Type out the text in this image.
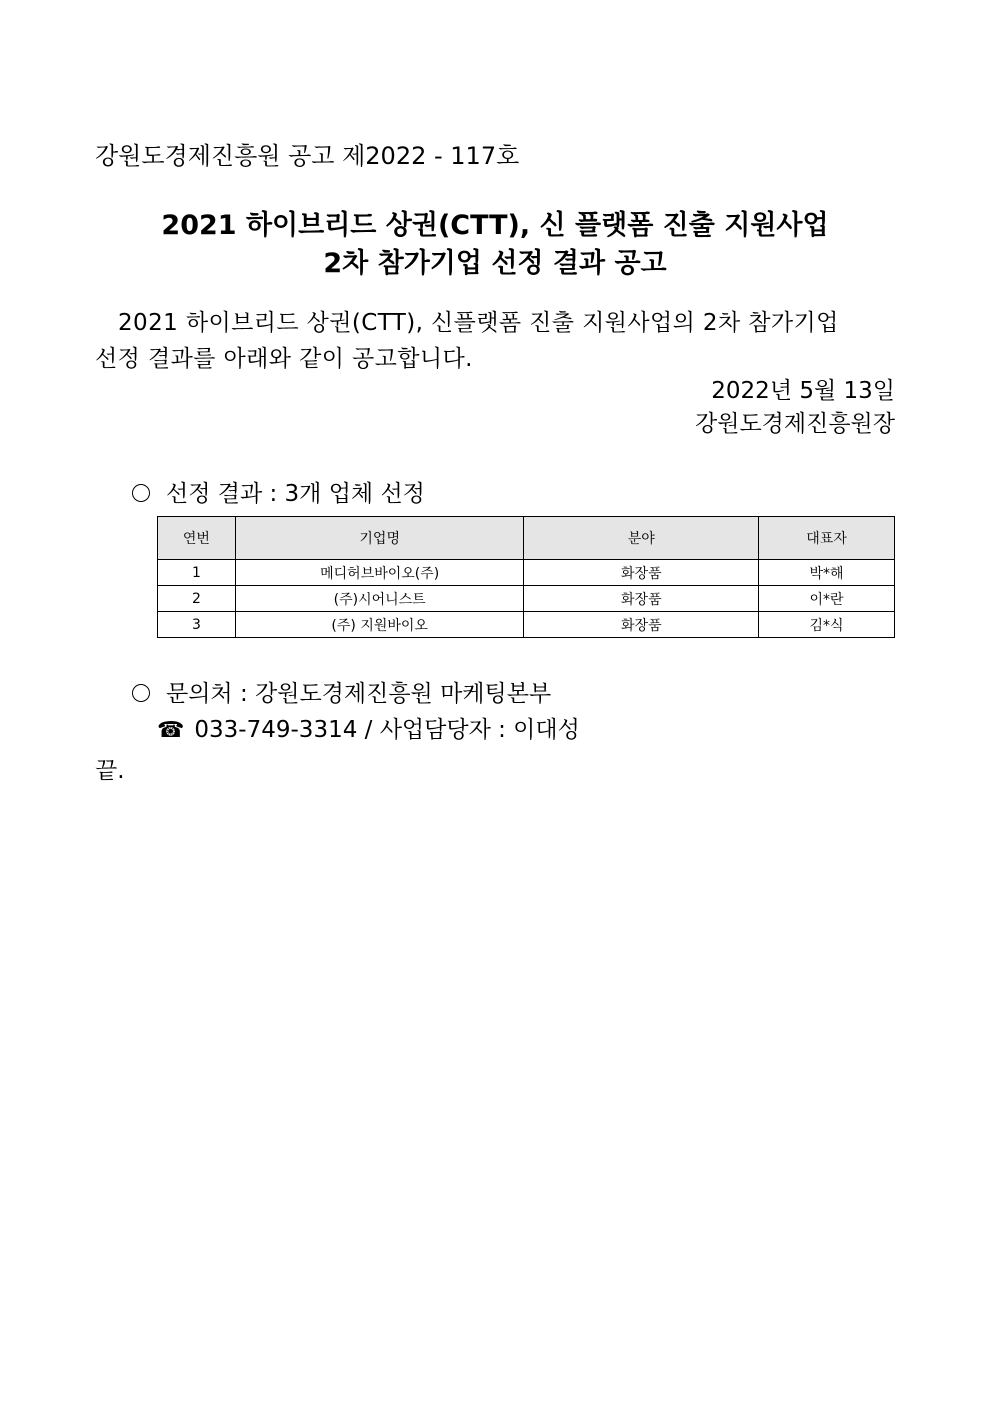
강원도경제진흥원 공고 제2022 - 117호
2021 하이브리드 상권(CTT), 신 플랫폼 진출 지원사업
2차 참가기업 선정 결과 공고
2021 하이브리드 상권(CTT), 신플랫폼 진출 지원사업의 2차 참가기업
선정 결과를 아래와 같이 공고합니다.
2022년 5월 13일
강원도경제진흥원장
선정 결과 : 3개 업체 선정
연번	기업명	분야	대표자
1	메디허브바이오(주)	화장품	박*해
2	(주)시어니스트	화장품	이*란
3	(주) 지원바이오	화장품	김*식
문의처 : 강원도경제진흥원 마케팅본부
☎ 033-749-3314 / 사업담당자 : 이대성
끝.
